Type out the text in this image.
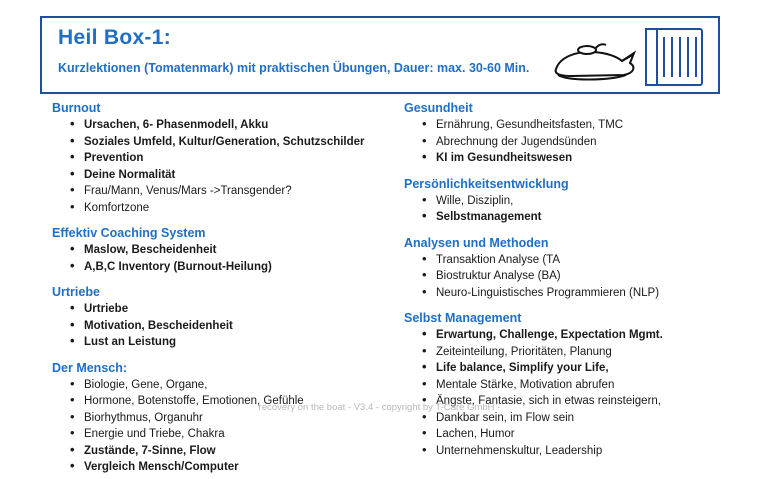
Heil Box-1:
Kurzlektionen (Tomatenmark) mit praktischen Übungen, Dauer: max. 30-60 Min.
Burnout
• Ursachen, 6- Phasenmodell, Akku
• Soziales Umfeld, Kultur/Generation, Schutzschilder
• Prevention
• Deine Normalität
• Frau/Mann, Venus/Mars ->Transgender?
• Komfortzone
Effektiv Coaching System
• Maslow, Bescheidenheit
• A,B,C Inventory (Burnout-Heilung)
Urtriebe
• Urtriebe
• Motivation, Bescheidenheit
• Lust an Leistung
Der Mensch:
• Biologie, Gene, Organe,
• Hormone, Botenstoffe, Emotionen, Gefühle
• Biorhythmus, Organuhr
• Energie und Triebe, Chakra
• Zustände, 7-Sinne, Flow
• Vergleich Mensch/Computer
Gesundheit
• Ernährung, Gesundheitsfasten, TMC
• Abrechnung der Jugendsünden
• KI im Gesundheitswesen
Persönlichkeitsentwicklung
• Wille, Disziplin,
• Selbstmanagement
Analysen und Methoden
• Transaktion Analyse (TA
• Biostruktur Analyse (BA)
• Neuro-Linguistisches Programmieren (NLP)
Selbst Management
• Erwartung, Challenge, Expectation Mgmt.
• Zeiteinteilung, Prioritäten, Planung
• Life balance, Simplify your Life,
• Mentale Stärke, Motivation abrufen
• Ängste, Fantasie, sich in etwas reinsteigern,
• Dankbar sein, im Flow sein
• Lachen, Humor
• Unternehmenskultur, Leadership
recovery on the boat - V3.4 - copyright by T-Care GmbH -
